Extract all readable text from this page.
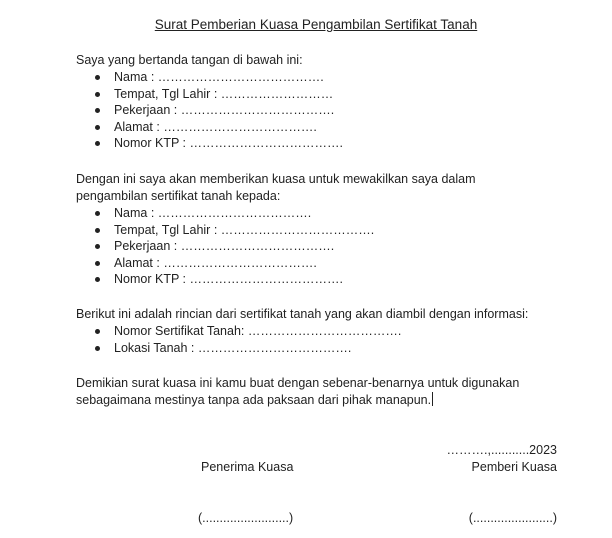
Surat Pemberian Kuasa Pengambilan Sertifikat Tanah
Saya yang bertanda tangan di bawah ini:
Nama : ………………………………….
Tempat, Tgl Lahir : ………………………
Pekerjaan : ……………………………….
Alamat : ……………………………….
Nomor KTP : ……………………………….
Dengan ini saya akan memberikan kuasa untuk mewakilkan saya dalam
pengambilan sertifikat tanah kepada:
Nama : ……………………………….
Tempat, Tgl Lahir : ……………………………….
Pekerjaan : ……………………………….
Alamat : ……………………………….
Nomor KTP : ……………………………….
Berikut ini adalah rincian dari sertifikat tanah yang akan diambil dengan informasi:
Nomor Sertifikat Tanah: ……………………………….
Lokasi Tanah : ……………………………….
Demikian surat kuasa ini kamu buat dengan sebenar-benarnya untuk digunakan
sebagaimana mestinya tanpa ada paksaan dari pihak manapun.
……….,...........2023
Penerima Kuasa	Pemberi Kuasa
(.........................)	(.......................)
